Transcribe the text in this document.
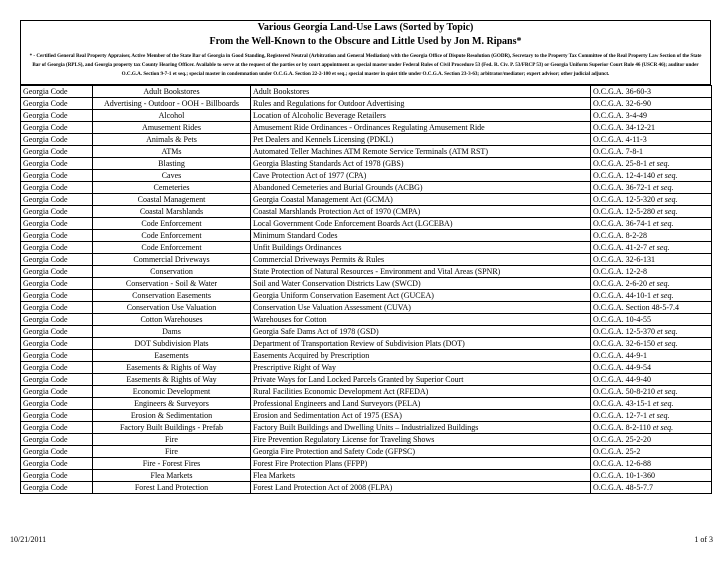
Various Georgia Land-Use Laws (Sorted by Topic)
From the Well-Known to the Obscure and Little Used by Jon M. Ripans*
* - Certified General Real Property Appraiser, Active Member of the State Bar of Georgia in Good Standing, Registered Neutral (Arbitration and General Mediation) with the Georgia Office of Dispute Resolution (GODR), Secretary to the Property Tax Committee of the Real Property Law Section of the State Bar of Georgia (RPLS), and Georgia property tax County Hearing Officer. Available to serve at the request of the parties or by court appointment as special master under Federal Rules of Civil Procedure 53 (Fed. R. Civ. P. 53/FRCP 53) or Georgia Uniform Superior Court Rule 46 (USCR 46); auditor under O.C.G.A. Section 9-7-1 et seq.; special master in condemnation under O.C.G.A. Section 22-2-100 et seq.; special master in quiet title under O.C.G.A. Section 23-3-63; arbitrator/mediator; expert advisor; other judicial adjunct.
Georgia Code	Adult Bookstores	Adult Bookstores	O.C.G.A. 36-60-3
Georgia Code	Advertising - Outdoor - OOH - Billboards	Rules and Regulations for Outdoor Advertising	O.C.G.A. 32-6-90
Georgia Code	Alcohol	Location of Alcoholic Beverage Retailers	O.C.G.A. 3-4-49
Georgia Code	Amusement Rides	Amusement Ride Ordinances - Ordinances Regulating Amusement Ride	O.C.G.A. 34-12-21
Georgia Code	Animals & Pets	Pet Dealers and Kennels Licensing (PDKL)	O.C.G.A. 4-11-3
Georgia Code	ATMs	Automated Teller Machines ATM Remote Service Terminals (ATM RST)	O.C.G.A. 7-8-1
Georgia Code	Blasting	Georgia Blasting Standards Act of 1978 (GBS)	O.C.G.A. 25-8-1 et seq.
Georgia Code	Caves	Cave Protection Act of 1977 (CPA)	O.C.G.A. 12-4-140 et seq.
Georgia Code	Cemeteries	Abandoned Cemeteries and Burial Grounds (ACBG)	O.C.G.A. 36-72-1 et seq.
Georgia Code	Coastal Management	Georgia Coastal Management Act (GCMA)	O.C.G.A. 12-5-320 et seq.
Georgia Code	Coastal Marshlands	Coastal Marshlands Protection Act of 1970 (CMPA)	O.C.G.A. 12-5-280 et seq.
Georgia Code	Code Enforcement	Local Government Code Enforcement Boards Act (LGCEBA)	O.C.G.A. 36-74-1 et seq.
Georgia Code	Code Enforcement	Minimum Standard Codes	O.C.G.A. 8-2-28
Georgia Code	Code Enforcement	Unfit Buildings Ordinances	O.C.G.A. 41-2-7 et seq.
Georgia Code	Commercial Driveways	Commercial Driveways Permits & Rules	O.C.G.A. 32-6-131
Georgia Code	Conservation	State Protection of Natural Resources - Environment and Vital Areas (SPNR)	O.C.G.A. 12-2-8
Georgia Code	Conservation - Soil & Water	Soil and Water Conservation Districts Law (SWCD)	O.C.G.A. 2-6-20 et seq.
Georgia Code	Conservation Easements	Georgia Uniform Conservation Easement Act (GUCEA)	O.C.G.A. 44-10-1 et seq.
Georgia Code	Conservation Use Valuation	Conservation Use Valuation Assessment (CUVA)	O.C.G.A. Section 48-5-7.4
Georgia Code	Cotton Warehouses	Warehouses for Cotton	O.C.G.A. 10-4-55
Georgia Code	Dams	Georgia Safe Dams Act of 1978 (GSD)	O.C.G.A. 12-5-370 et seq.
Georgia Code	DOT Subdivision Plats	Department of Transportation Review of Subdivision Plats (DOT)	O.C.G.A. 32-6-150 et seq.
Georgia Code	Easements	Easements Acquired by Prescription	O.C.G.A. 44-9-1
Georgia Code	Easements & Rights of Way	Prescriptive Right of Way	O.C.G.A. 44-9-54
Georgia Code	Easements & Rights of Way	Private Ways for Land Locked Parcels Granted by Superior Court	O.C.G.A. 44-9-40
Georgia Code	Economic Development	Rural Facilities Economic Development Act (RFEDA)	O.C.G.A. 50-8-210 et seq.
Georgia Code	Engineers & Surveyors	Professional Engineers and Land Surveyors (PELA)	O.C.G.A. 43-15-1 et seq.
Georgia Code	Erosion & Sedimentation	Erosion and Sedimentation Act of 1975 (ESA)	O.C.G.A. 12-7-1 et seq.
Georgia Code	Factory Built Buildings - Prefab	Factory Built Buildings and Dwelling Units – Industrialized Buildings	O.C.G.A. 8-2-110 et seq.
Georgia Code	Fire	Fire Prevention Regulatory License for Traveling Shows	O.C.G.A. 25-2-20
Georgia Code	Fire	Georgia Fire Protection and Safety Code (GFPSC)	O.C.G.A. 25-2
Georgia Code	Fire - Forest Fires	Forest Fire Protection Plans (FFPP)	O.C.G.A. 12-6-88
Georgia Code	Flea Markets	Flea Markets	O.C.G.A. 10-1-360
Georgia Code	Forest Land Protection	Forest Land Protection Act of 2008 (FLPA)	O.C.G.A. 48-5-7.7
10/21/2011	1 of 3
